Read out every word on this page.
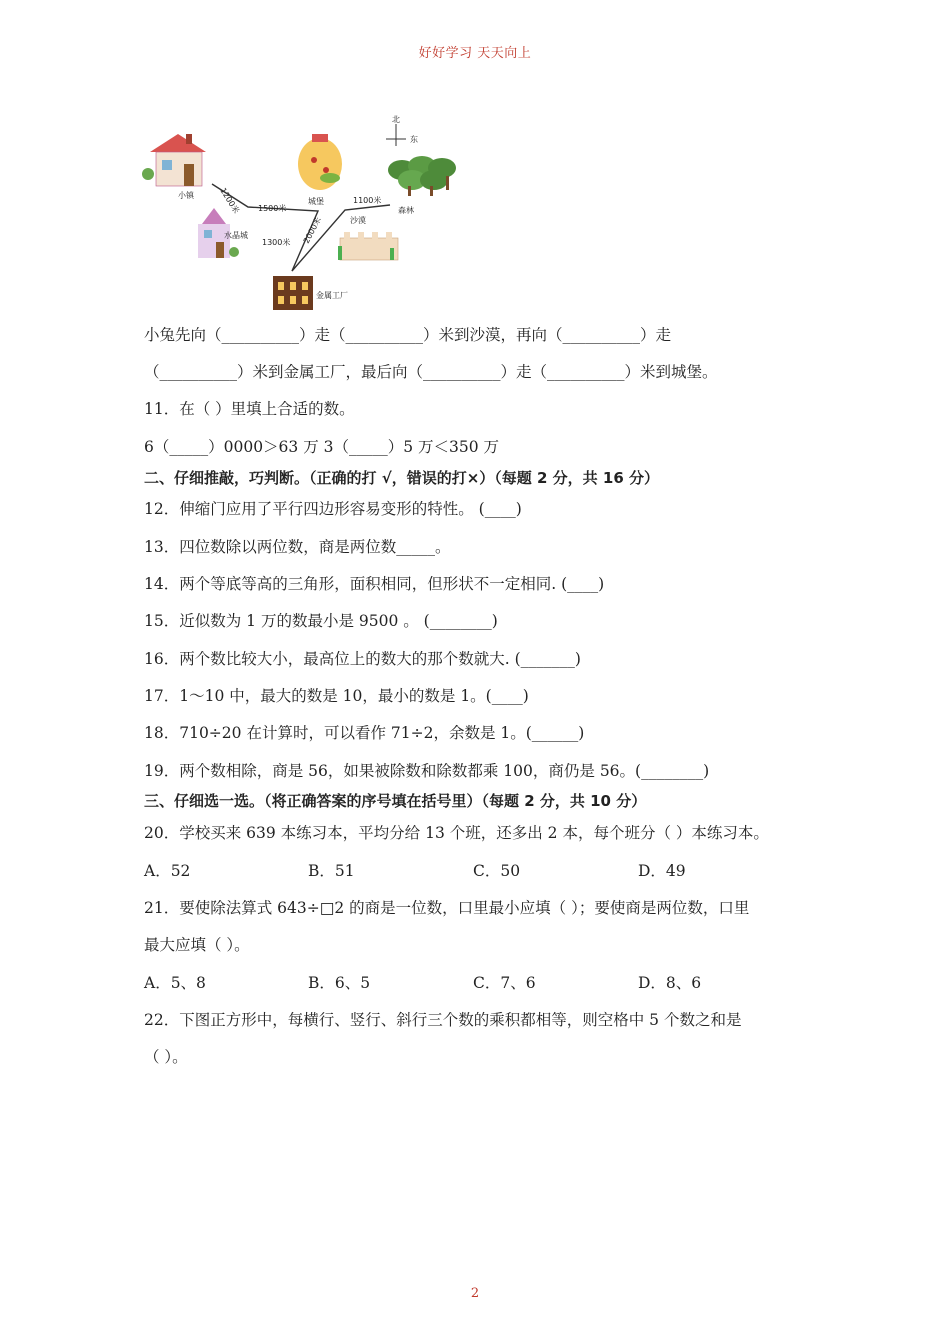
好好学习 天天向上
小镇
水晶城
城堡
北
东
森林
沙漠
金属工厂
1200米 1500米
1300米 2000米
1100米
小兔先向（__________）走（__________）米到沙漠，再向（__________）走
（__________）米到金属工厂，最后向（__________）走（__________）米到城堡。
11．在（ ）里填上合适的数。
6（_____）0000＞63 万 3（_____）5 万＜350 万
二、仔细推敲，巧判断。（正确的打 √，错误的打×）（每题 2 分，共 16 分）
12．伸缩门应用了平行四边形容易变形的特性。 (____)
13．四位数除以两位数，商是两位数_____。
14．两个等底等高的三角形，面积相同，但形状不一定相同. (____)
15．近似数为 1 万的数最小是 9500 。 (________)
16．两个数比较大小，最高位上的数大的那个数就大. (_______)
17．1～10 中，最大的数是 10，最小的数是 1。(____)
18．710÷20 在计算时，可以看作 71÷2，余数是 1。(______)
19．两个数相除，商是 56，如果被除数和除数都乘 100，商仍是 56。(________)
三、仔细选一选。（将正确答案的序号填在括号里）（每题 2 分，共 10 分）
20．学校买来 639 本练习本，平均分给 13 个班，还多出 2 本，每个班分（ ）本练习本。
A．52	B．51	C．50	D．49
21．要使除法算式 643÷□2 的商是一位数，口里最小应填（ ）；要使商是两位数，口里
最大应填（ ）。
A．5、8	B．6、5	C．7、6	D．8、6
22．下图正方形中，每横行、竖行、斜行三个数的乘积都相等，则空格中 5 个数之和是
（ ）。
2
